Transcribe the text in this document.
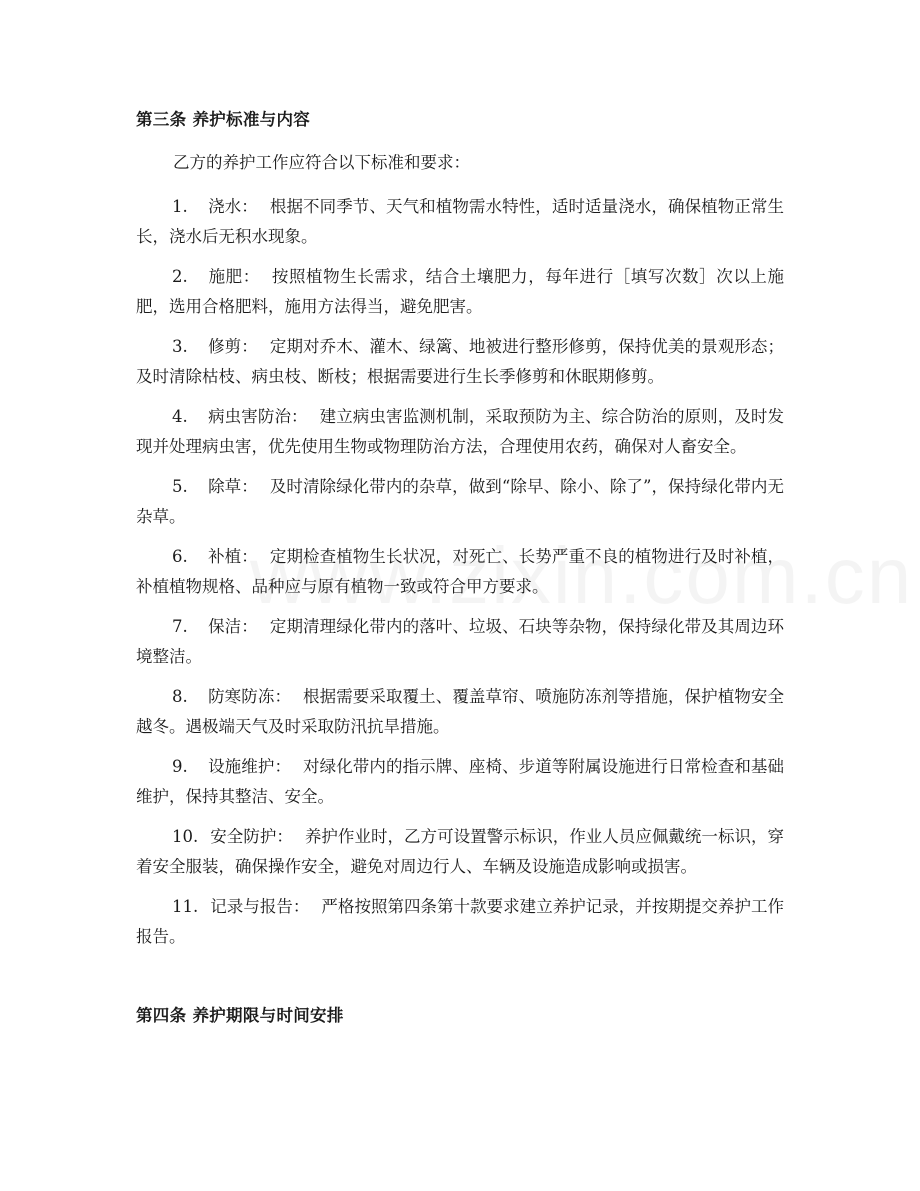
第三条 养护标准与内容
乙方的养护工作应符合以下标准和要求：

1. 浇水： 根据不同季节、天气和植物需水特性，适时适量浇水，确保植物正常生长，浇水后无积水现象。

2. 施肥： 按照植物生长需求，结合土壤肥力，每年进行［填写次数］次以上施肥，选用合格肥料，施用方法得当，避免肥害。

3. 修剪： 定期对乔木、灌木、绿篱、地被进行整形修剪，保持优美的景观形态；及时清除枯枝、病虫枝、断枝；根据需要进行生长季修剪和休眠期修剪。

4. 病虫害防治： 建立病虫害监测机制，采取预防为主、综合防治的原则，及时发现并处理病虫害，优先使用生物或物理防治方法，合理使用农药，确保对人畜安全。

5. 除草： 及时清除绿化带内的杂草，做到“除早、除小、除了”，保持绿化带内无杂草。

6. 补植： 定期检查植物生长状况，对死亡、长势严重不良的植物进行及时补植，补植植物规格、品种应与原有植物一致或符合甲方要求。

7. 保洁： 定期清理绿化带内的落叶、垃圾、石块等杂物，保持绿化带及其周边环境整洁。

8. 防寒防冻： 根据需要采取覆土、覆盖草帘、喷施防冻剂等措施，保护植物安全越冬。遇极端天气及时采取防汛抗旱措施。

9. 设施维护： 对绿化带内的指示牌、座椅、步道等附属设施进行日常检查和基础维护，保持其整洁、安全。

10. 安全防护： 养护作业时，乙方可设置警示标识，作业人员应佩戴统一标识，穿着安全服装，确保操作安全，避免对周边行人、车辆及设施造成影响或损害。

11. 记录与报告： 严格按照第四条第十款要求建立养护记录，并按期提交养护工作报告。

第四条 养护期限与时间安排
